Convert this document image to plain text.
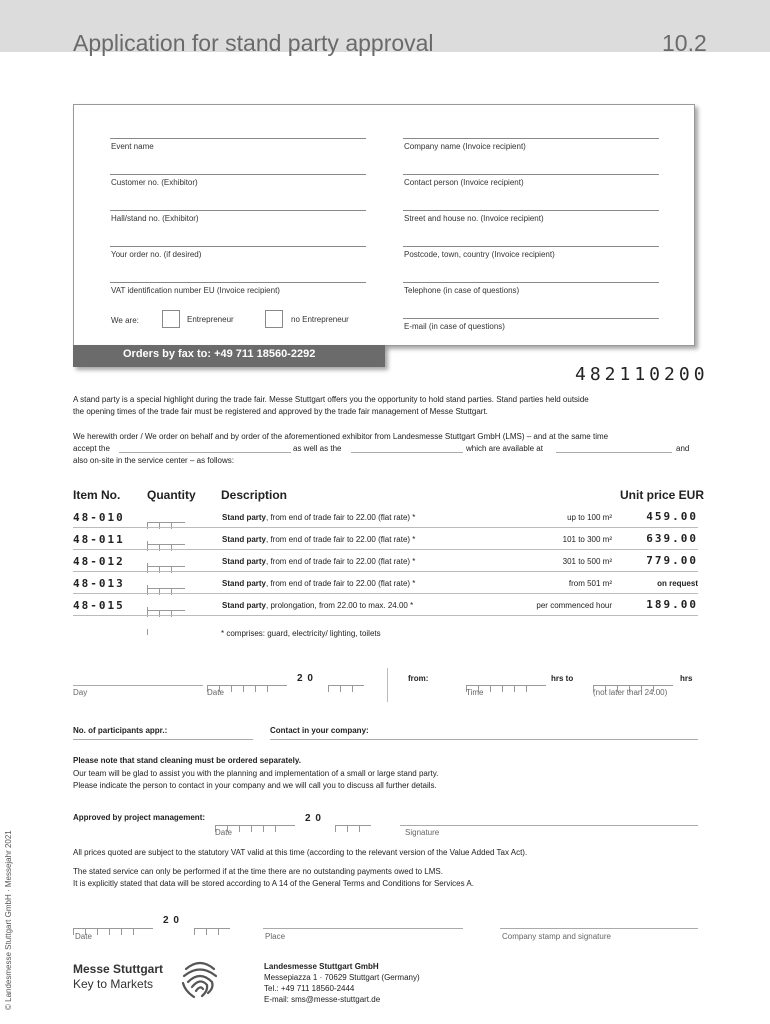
Application for stand party approval	10.2
Event name
Customer no. (Exhibitor)
Hall/stand no. (Exhibitor)
Your order no. (if desired)
VAT identification number EU (Invoice recipient)
We are:	Entrepreneur	no Entrepreneur
Company name (Invoice recipient)
Contact person (Invoice recipient)
Street and house no. (Invoice recipient)
Postcode, town, country (Invoice recipient)
Telephone (in case of questions)
E-mail (in case of questions)
Orders by fax to: +49 711 18560-2292
482110200
A stand party is a special highlight during the trade fair. Messe Stuttgart offers you the opportunity to hold stand parties. Stand parties held outside
the opening times of the trade fair must be registered and approved by the trade fair management of Messe Stuttgart.
We herewith order / We order on behalf and by order of the aforementioned exhibitor from Landesmesse Stuttgart GmbH (LMS) – and at the same time
accept the	as well as the	which are available at	and
also on-site in the service center – as follows:
Item No. Quantity Description	Unit price EUR
48-010	Stand party, from end of trade fair to 22.00 (flat rate) *	up to 100 m²	459.00
48-011	Stand party, from end of trade fair to 22.00 (flat rate) *	101 to 300 m²	639.00
48-012	Stand party, from end of trade fair to 22.00 (flat rate) *	301 to 500 m²	779.00
48-013	Stand party, from end of trade fair to 22.00 (flat rate) *	from 501 m²	on request
48-015	Stand party, prolongation, from 22.00 to max. 24.00 *	per commenced hour	189.00
* comprises: guard, electricity/ lighting, toilets
2 0
Day	Date
from:	hrs to	hrs
Time	(not later than 24.00)
No. of participants appr.:	Contact in your company:
Please note that stand cleaning must be ordered separately.
Our team will be glad to assist you with the planning and implementation of a small or large stand party.
Please indicate the person to contact in your company and we will call you to discuss all further details.
Approved by project management:	2 0
Date	Signature
All prices quoted are subject to the statutory VAT valid at this time (according to the relevant version of the Value Added Tax Act).
The stated service can only be performed if at the time there are no outstanding payments owed to LMS.
It is explicitly stated that data will be stored according to A 14 of the General Terms and Conditions for Services A.
2 0
Date	Place	Company stamp and signature
Messe Stuttgart
Key to Markets
Landesmesse Stuttgart GmbH
Messepiazza 1 · 70629 Stuttgart (Germany)
Tel.: +49 711 18560-2444
E-mail: sms@messe-stuttgart.de
© Landesmesse Stuttgart GmbH · Messejahr 2021
